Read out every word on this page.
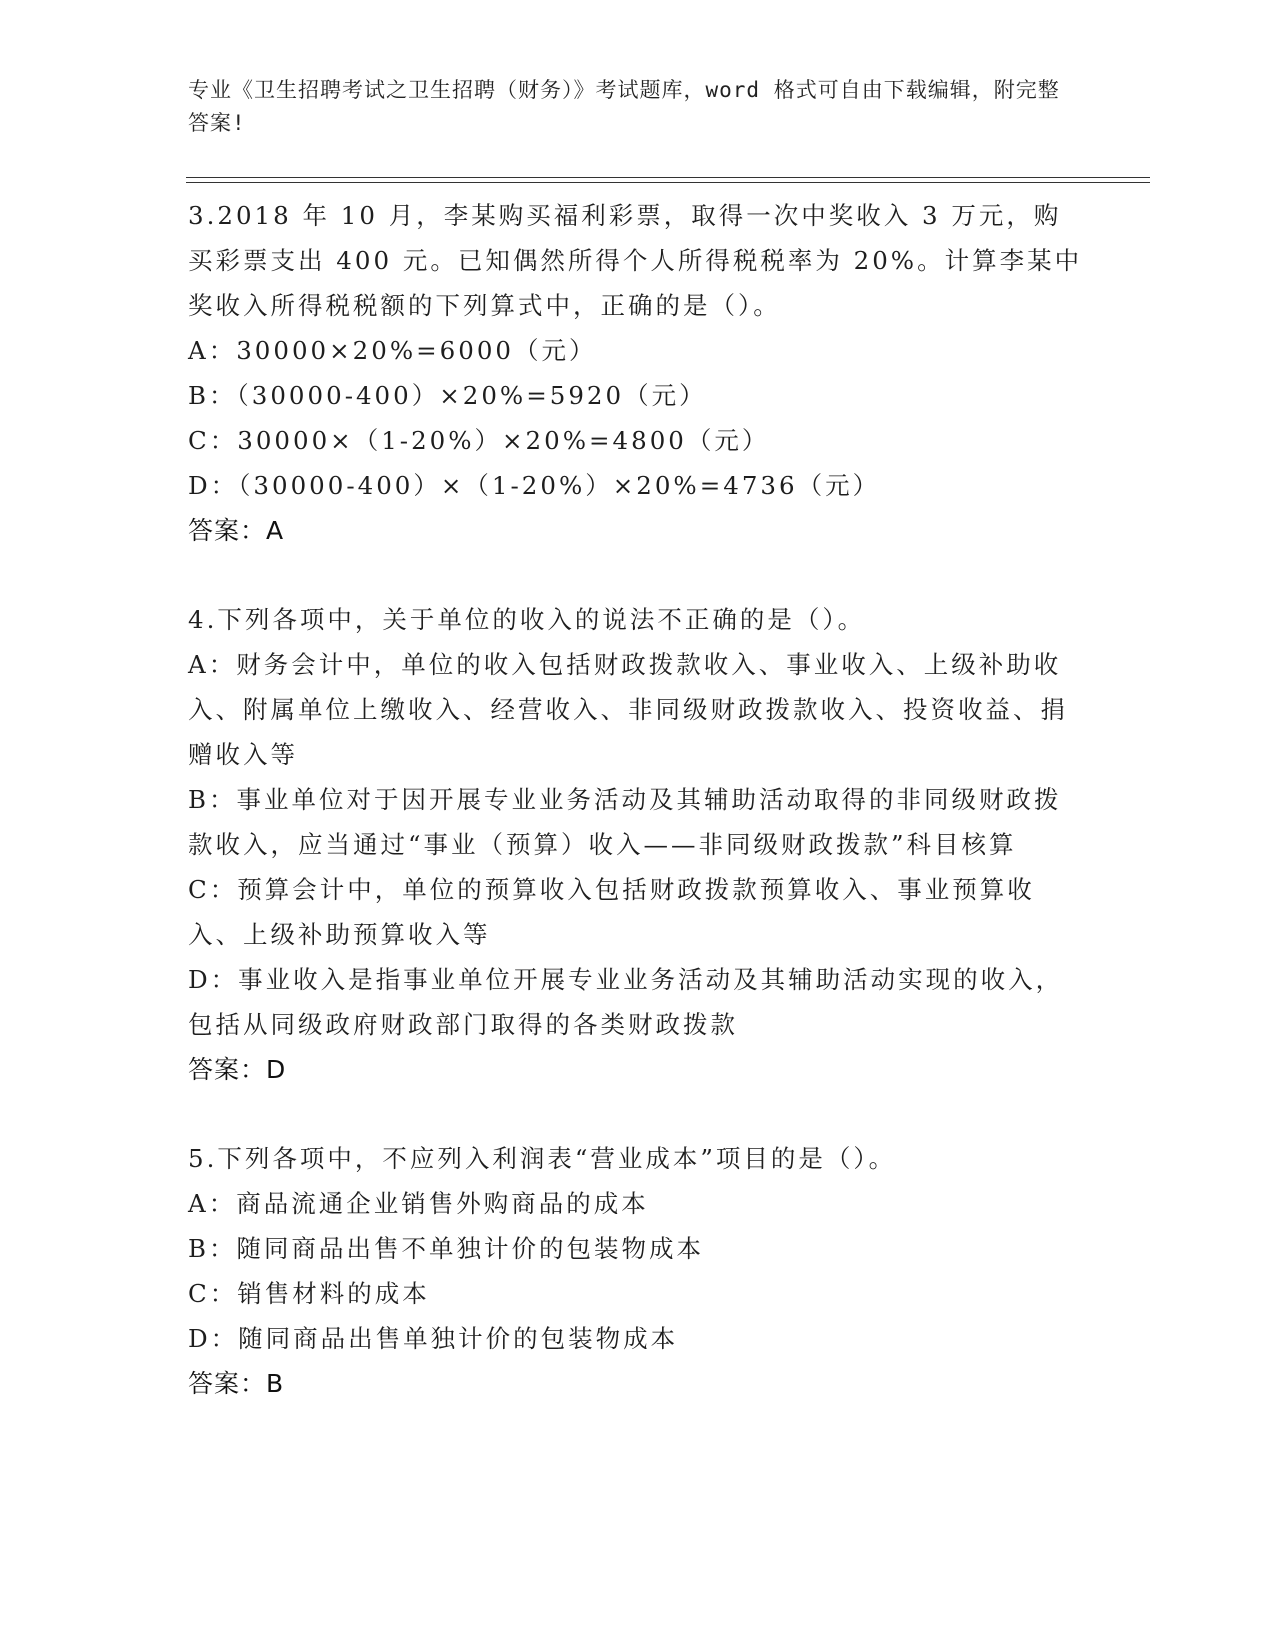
专业《卫生招聘考试之卫生招聘（财务）》考试题库，word 格式可自由下载编辑，附完整答案!
3.2018 年 10 月，李某购买福利彩票，取得一次中奖收入 3 万元，购买彩票支出 400 元。已知偶然所得个人所得税税率为 20%。计算李某中奖收入所得税税额的下列算式中，正确的是（）。
A：30000×20%=6000（元）
B：（30000-400）×20%=5920（元）
C：30000×（1-20%）×20%=4800（元）
D：（30000-400）×（1-20%）×20%=4736（元）
答案：A
4.下列各项中，关于单位的收入的说法不正确的是（）。
A：财务会计中，单位的收入包括财政拨款收入、事业收入、上级补助收入、附属单位上缴收入、经营收入、非同级财政拨款收入、投资收益、捐赠收入等
B：事业单位对于因开展专业业务活动及其辅助活动取得的非同级财政拨款收入，应当通过“事业（预算）收入——非同级财政拨款”科目核算
C：预算会计中，单位的预算收入包括财政拨款预算收入、事业预算收入、上级补助预算收入等
D：事业收入是指事业单位开展专业业务活动及其辅助活动实现的收入，包括从同级政府财政部门取得的各类财政拨款
答案：D
5.下列各项中，不应列入利润表“营业成本”项目的是（）。
A：商品流通企业销售外购商品的成本
B：随同商品出售不单独计价的包装物成本
C：销售材料的成本
D：随同商品出售单独计价的包装物成本
答案：B
